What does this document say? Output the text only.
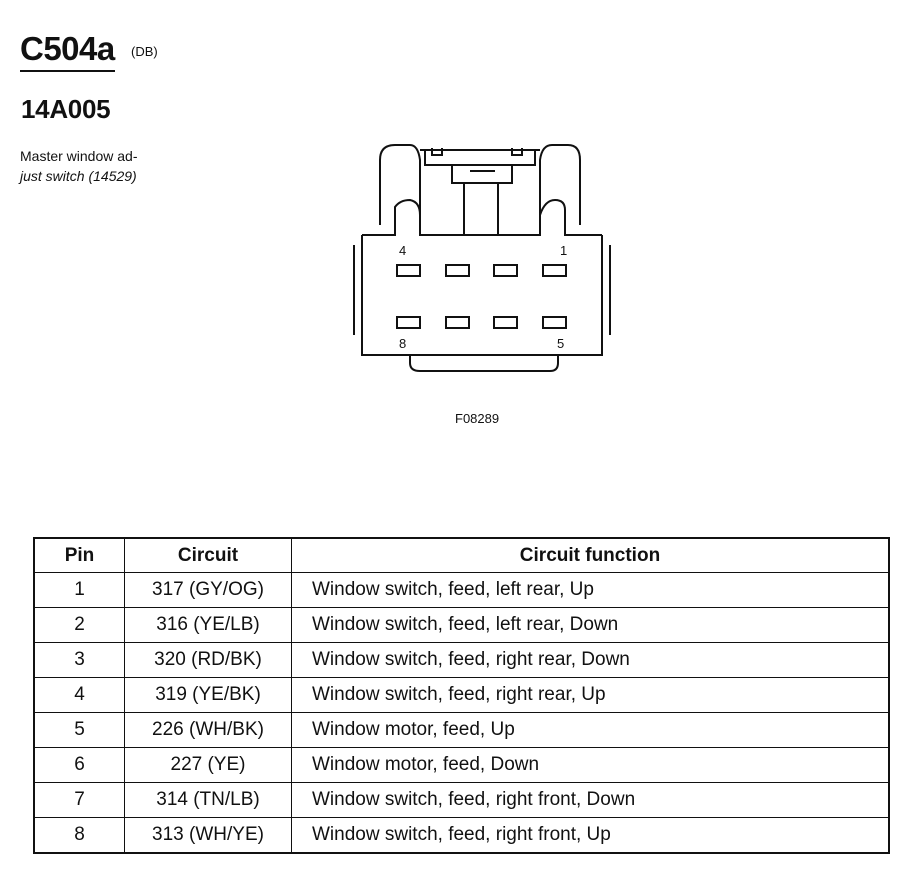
C504a (DB)
14A005
Master window ad-
just switch (14529)
4	1
8	5
F08289
Pin	Circuit	Circuit function
1	317 (GY/OG)	Window switch, feed, left rear, Up
2	316 (YE/LB)	Window switch, feed, left rear, Down
3	320 (RD/BK)	Window switch, feed, right rear, Down
4	319 (YE/BK)	Window switch, feed, right rear, Up
5	226 (WH/BK)	Window motor, feed, Up
6	227 (YE)	Window motor, feed, Down
7	314 (TN/LB)	Window switch, feed, right front, Down
8	313 (WH/YE)	Window switch, feed, right front, Up
